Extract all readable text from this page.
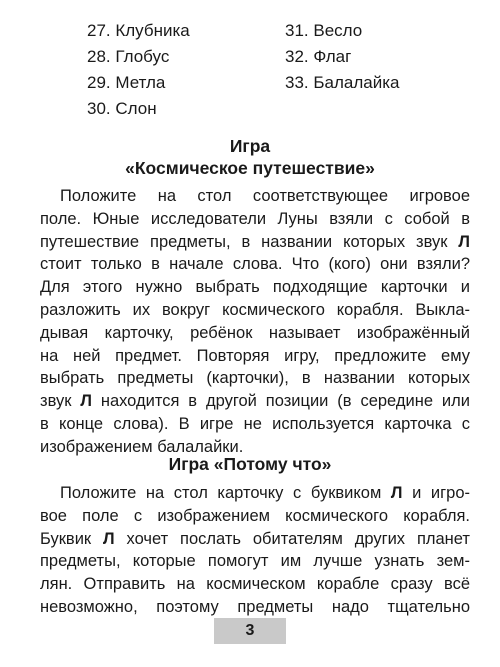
27. Клубника
28. Глобус
29. Метла
30. Слон
31. Весло
32. Флаг
33. Балалайка
Игра
«Космическое путешествие»
Положите на стол соответствующее игровое
поле. Юные исследователи Луны взяли с собой в
путешествие предметы, в названии которых звук Л
стоит только в начале слова. Что (кого) они взяли?
Для этого нужно выбрать подходящие карточки и
разложить их вокруг космического корабля. Выкла-
дывая карточку, ребёнок называет изображённый
на ней предмет. Повторяя игру, предложите ему
выбрать предметы (карточки), в названии которых
звук Л находится в другой позиции (в середине или
в конце слова). В игре не используется карточка с
изображением балалайки.
Игра «Потому что»
Положите на стол карточку с буквиком Л и игро-
вое поле с изображением космического корабля.
Буквик Л хочет послать обитателям других планет
предметы, которые помогут им лучше узнать зем-
лян. Отправить на космическом корабле сразу всё
невозможно, поэтому предметы надо тщательно
3
